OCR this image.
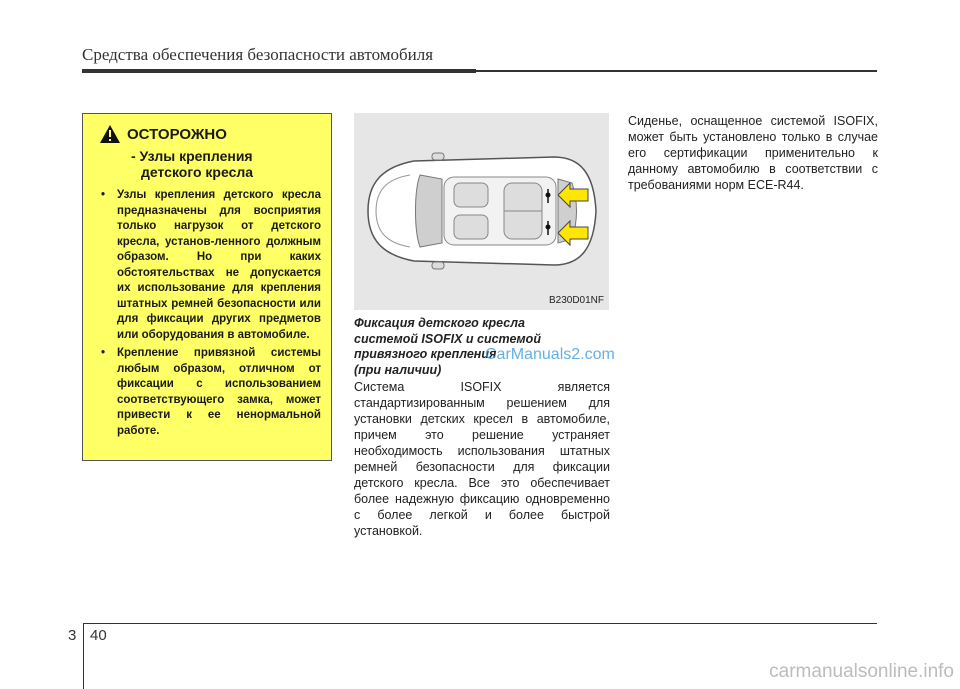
Средства обеспечения безопасности автомобиля
ОСТОРОЖНО
- Узлы крепления
детского кресла
• Узлы крепления детского кресла предназначены для восприятия только нагрузок от детского кресла, установ-ленного должным образом. Но при каких обстоятельствах не допускается их использование для крепления штатных ремней безопасности или для фиксации других предметов или оборудования в автомобиле.
• Крепление привязной системы любым образом, отличном от фиксации с использованием соответствующего замка, может привести к ее ненормальной работе.
B230D01NF
Фиксация детского кресла
системой ISOFIX и системой
привязного крепления
(при наличии)
CarManuals2.com
Система ISOFIX является стандартизированным решением для установки детских кресел в автомобиле, причем это решение устраняет необходимость использования штатных ремней безопасности для фиксации детского кресла. Все это обеспечивает более надежную фиксацию одновременно с более легкой и более быстрой установкой.
Сиденье, оснащенное системой ISOFIX, может быть установлено только в случае его сертификации применительно к данному автомобилю в соответствии с требованиями норм ECE-R44.
3 40
carmanualsonline.info
